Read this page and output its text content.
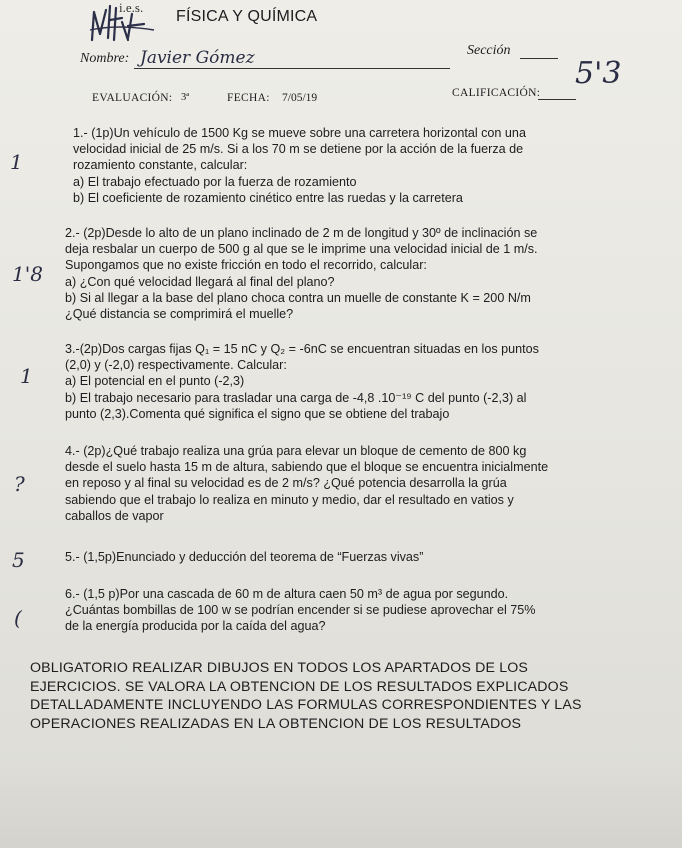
i.e.s.
FÍSICA Y QUÍMICA
Nombre: Javier Gómez	Sección
EVALUACIÓN: 3ª	FECHA: 7/05/19	CALIFICACIÓN:
5'3
1

1.- (1p)Un vehículo de 1500 Kg se mueve sobre una carretera horizontal con una

velocidad inicial de 25 m/s. Si a los 70 m se detiene por la acción de la fuerza de

rozamiento constante, calcular:

a) El trabajo efectuado por la fuerza de rozamiento

b) El coeficiente de rozamiento cinético entre las ruedas y la carretera

1'8

2.- (2p)Desde lo alto de un plano inclinado de 2 m de longitud y 30º de inclinación se

deja resbalar un cuerpo de 500 g al que se le imprime una velocidad inicial de 1 m/s.

Supongamos que no existe fricción en todo el recorrido, calcular:

a) ¿Con qué velocidad llegará al final del plano?

b) Si al llegar a la base del plano choca contra un muelle de constante K = 200 N/m

¿Qué distancia se comprimirá el muelle?

1

3.-(2p)Dos cargas fijas Q₁ = 15 nC y Q₂ = -6nC se encuentran situadas en los puntos

(2,0) y (-2,0) respectivamente. Calcular:

a) El potencial en el punto (-2,3)

b) El trabajo necesario para trasladar una carga de -4,8 .10⁻¹⁹ C del punto (-2,3) al

punto (2,3).Comenta qué significa el signo que se obtiene del trabajo

?

4.- (2p)¿Qué trabajo realiza una grúa para elevar un bloque de cemento de 800 kg

desde el suelo hasta 15 m de altura, sabiendo que el bloque se encuentra inicialmente

en reposo y al final su velocidad es de 2 m/s? ¿Qué potencia desarrolla la grúa

sabiendo que el trabajo lo realiza en minuto y medio, dar el resultado en vatios y

caballos de vapor

5	5.- (1,5p)Enunciado y deducción del teorema de “Fuerzas vivas”

(

6.- (1,5 p)Por una cascada de 60 m de altura caen 50 m³ de agua por segundo.

¿Cuántas bombillas de 100 w se podrían encender si se pudiese aprovechar el 75%

de la energía producida por la caída del agua?

OBLIGATORIO REALIZAR DIBUJOS EN TODOS LOS APARTADOS DE LOS

EJERCICIOS. SE VALORA LA OBTENCION DE LOS RESULTADOS EXPLICADOS

DETALLADAMENTE INCLUYENDO LAS FORMULAS CORRESPONDIENTES Y LAS

OPERACIONES REALIZADAS EN LA OBTENCION DE LOS RESULTADOS
